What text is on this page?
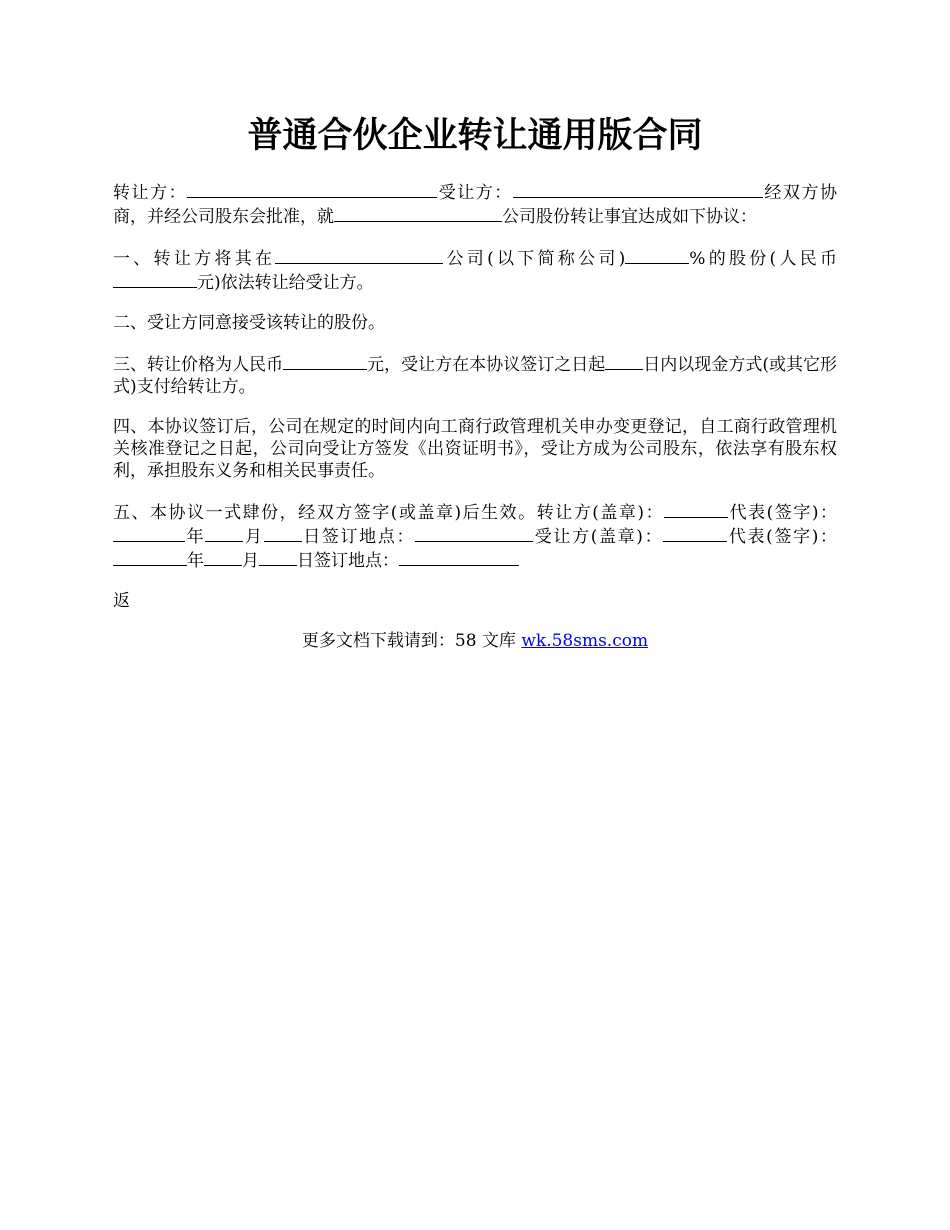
普通合伙企业转让通用版合同

转让方：	受让方：	经双方协商，并经公司股东会批准，就	公司股份转让事宜达成如下协议：

一、转让方将其在	公司(以下简称公司)	%的股份(人民币元)依法转让给受让方。

二、受让方同意接受该转让的股份。

三、转让价格为人民币	元，受让方在本协议签订之日起 日内以现金方式(或其它形式)支付给转让方。

四、本协议签订后，公司在规定的时间内向工商行政管理机关申办变更登记，自工商行政管理机关核准登记之日起，公司向受让方签发《出资证明书》，受让方成为公司股东，依法享有股东权利，承担股东义务和相关民事责任。

五、本协议一式肆份，经双方签字(或盖章)后生效。转让方(盖章)：	代表(签字)：年 月 日签订地点：	受让方(盖章)：	代表(签字)：年 月 日签订地点：

返

更多文档下载请到：58 文库 wk.58sms.com
